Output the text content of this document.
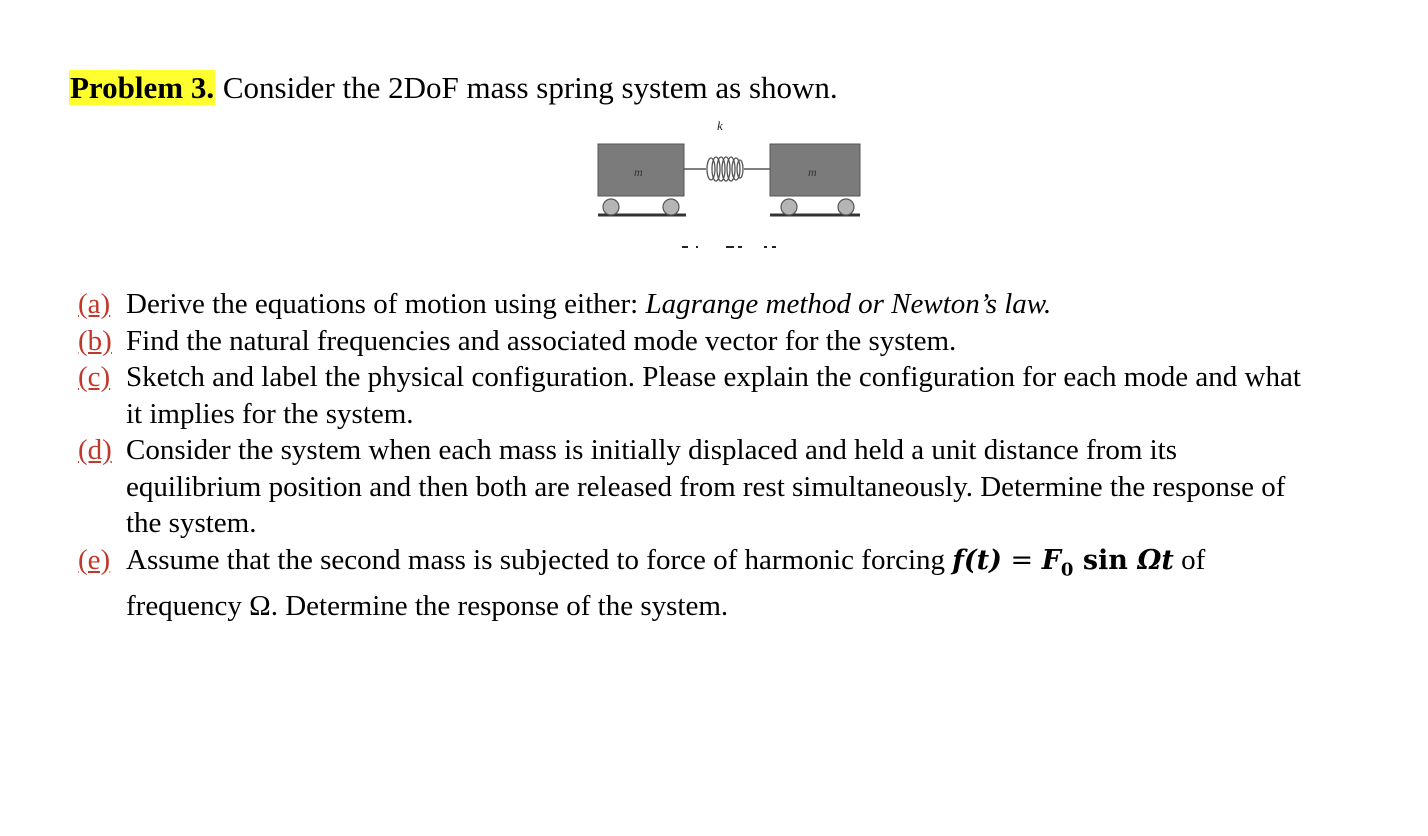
Problem 3. Consider the 2DoF mass spring system as shown.
k
m	m
(a) Derive the equations of motion using either: Lagrange method or Newton’s law.
(b) Find the natural frequencies and associated mode vector for the system.
(c) Sketch and label the physical configuration. Please explain the configuration for each mode and what it implies for the system.
(d) Consider the system when each mass is initially displaced and held a unit distance from its equilibrium position and then both are released from rest simultaneously. Determine the response of the system.
(e) Assume that the second mass is subjected to force of harmonic forcing $f(t) = F_0$ sin Ωt of frequency Ω. Determine the response of the system.
